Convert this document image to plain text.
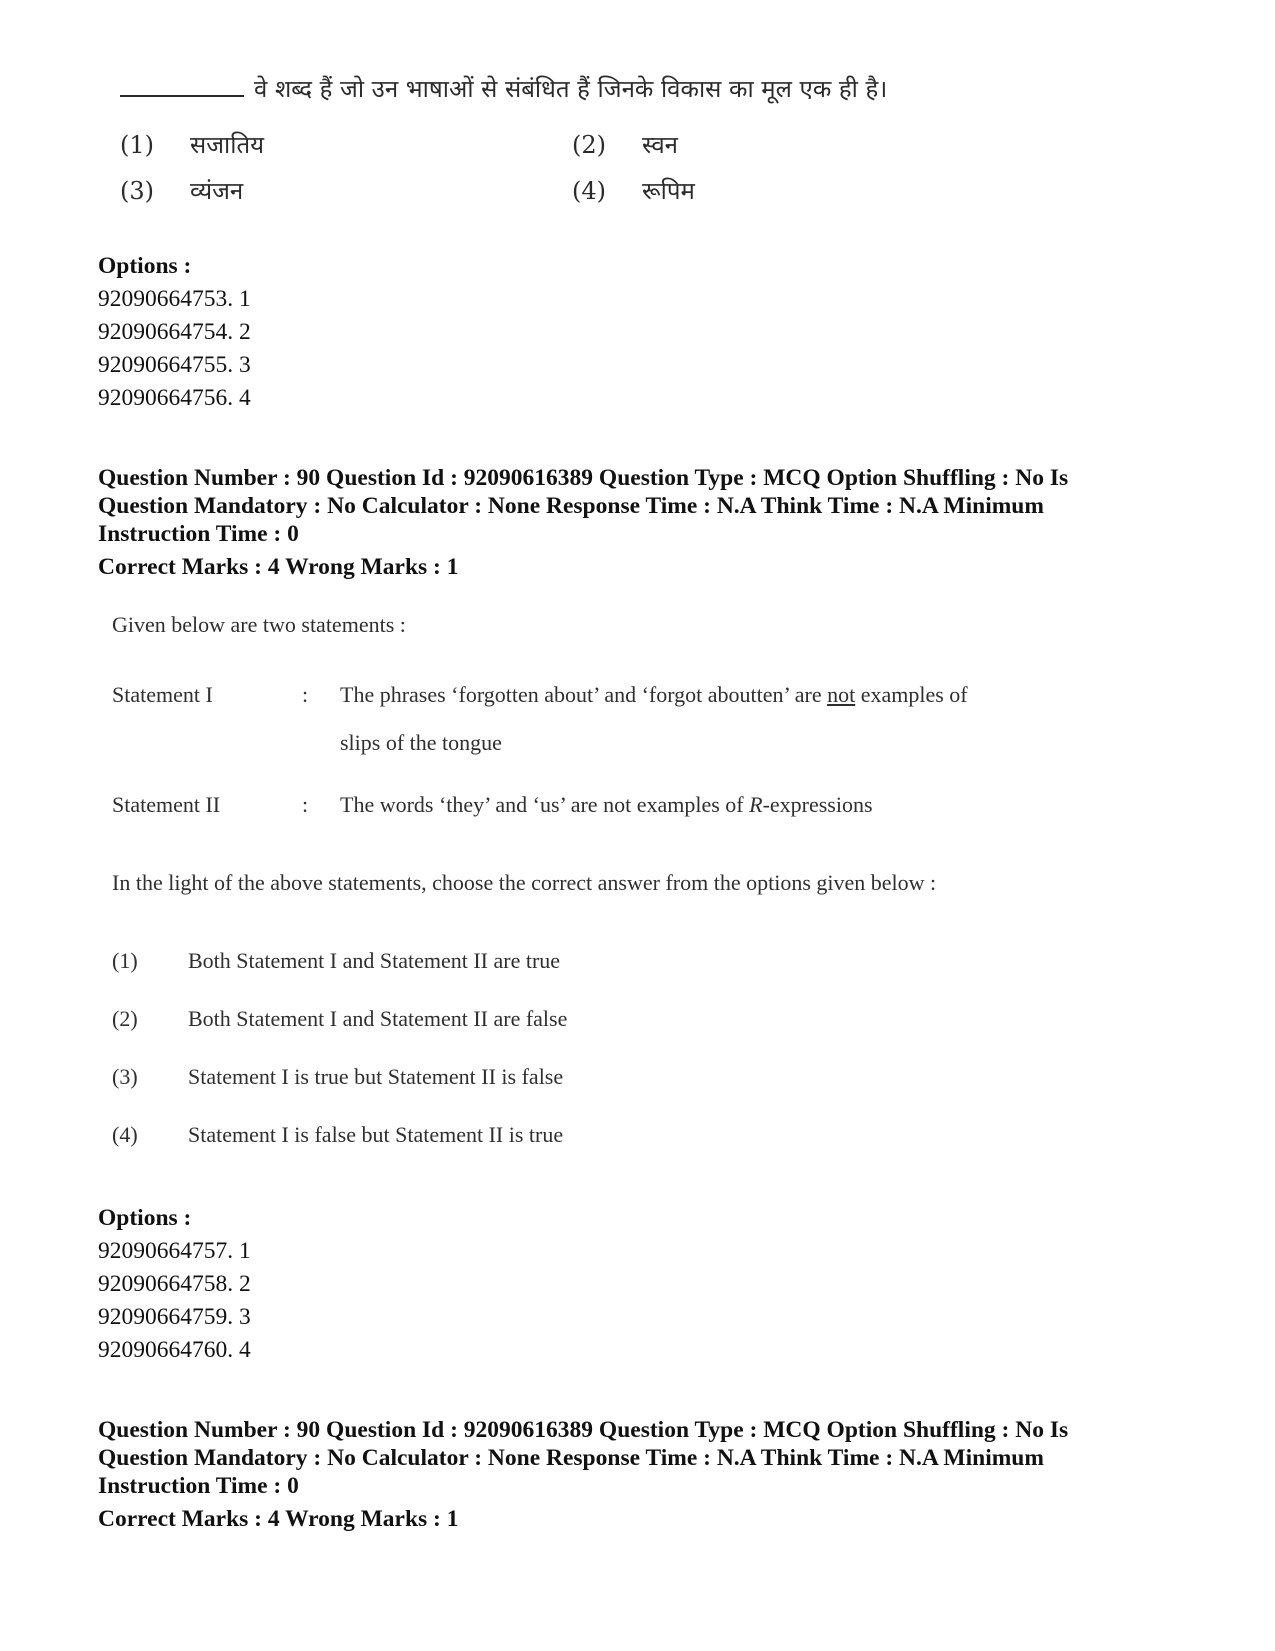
वे शब्द हैं जो उन भाषाओं से संबंधित हैं जिनके विकास का मूल एक ही है।
(1) सजातिय	(2) स्वन
(3) व्यंजन	(4) रूपिम
Options :
92090664753. 1
92090664754. 2
92090664755. 3
92090664756. 4
Question Number : 90 Question Id : 92090616389 Question Type : MCQ Option Shuffling : No Is
Question Mandatory : No Calculator : None Response Time : N.A Think Time : N.A Minimum
Instruction Time : 0
Correct Marks : 4 Wrong Marks : 1
Given below are two statements :
Statement I	: The phrases ‘forgotten about’ and ‘forgot aboutten’ are not examples of
slips of the tongue
Statement II	: The words ‘they’ and ‘us’ are not examples of R-expressions
In the light of the above statements, choose the correct answer from the options given below :
(1) Both Statement I and Statement II are true
(2) Both Statement I and Statement II are false
(3) Statement I is true but Statement II is false
(4) Statement I is false but Statement II is true
Options :
92090664757. 1
92090664758. 2
92090664759. 3
92090664760. 4
Question Number : 90 Question Id : 92090616389 Question Type : MCQ Option Shuffling : No Is
Question Mandatory : No Calculator : None Response Time : N.A Think Time : N.A Minimum
Instruction Time : 0
Correct Marks : 4 Wrong Marks : 1
